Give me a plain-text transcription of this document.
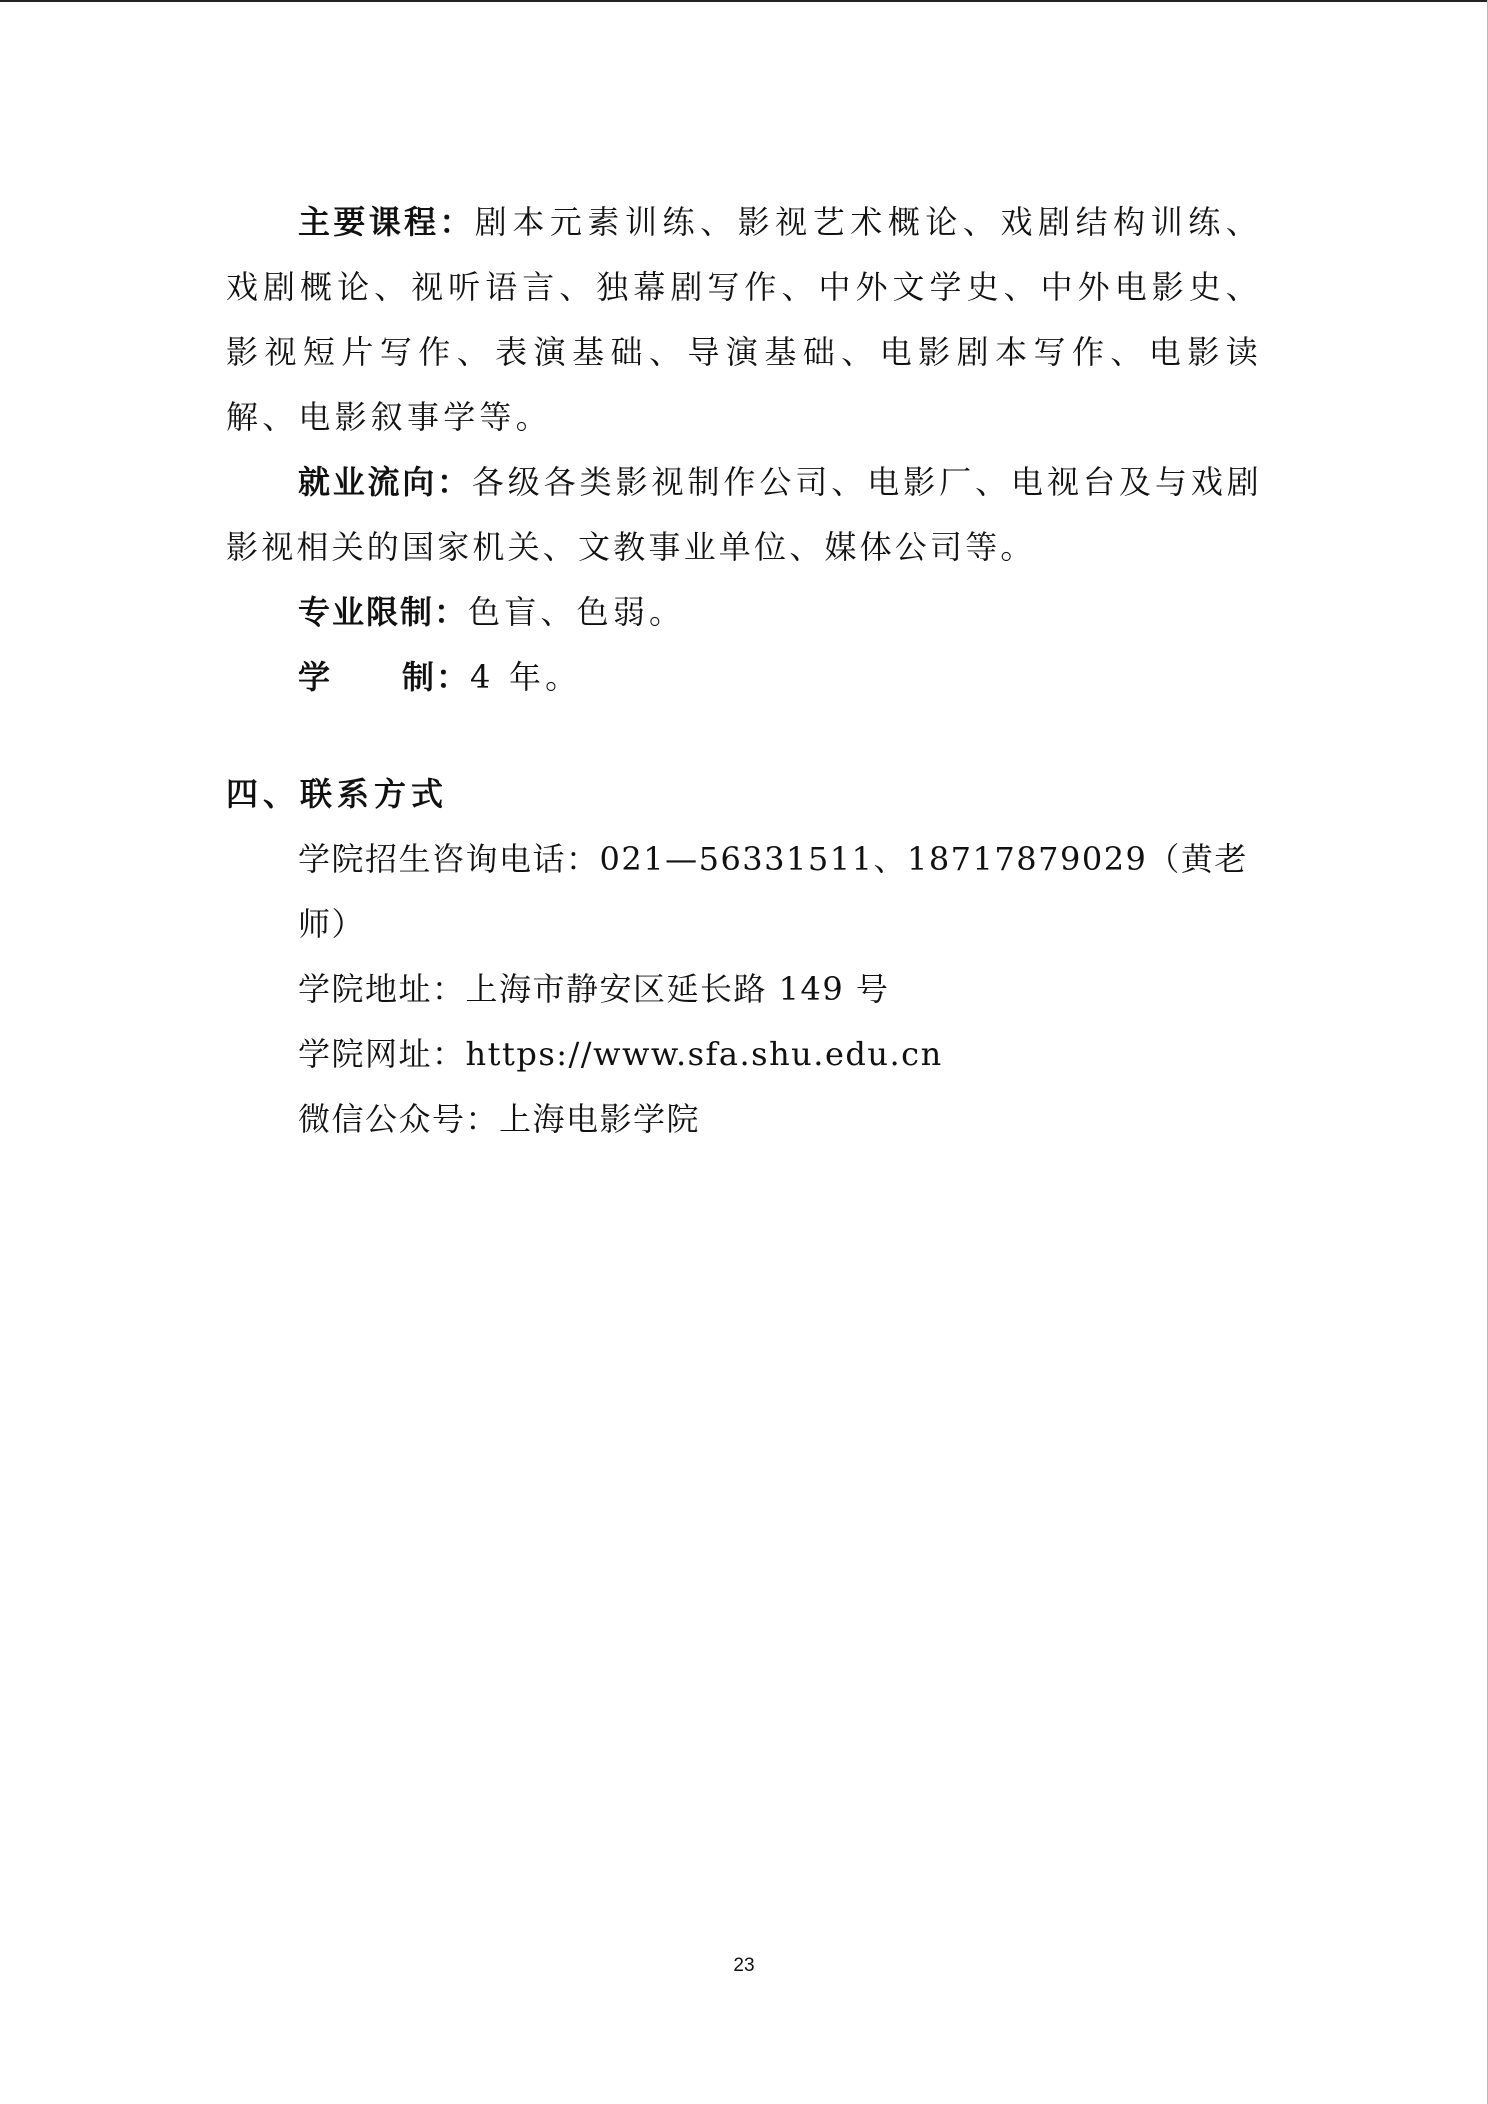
主要课程：剧本元素训练、影视艺术概论、戏剧结构训练、戏剧概论、视听语言、独幕剧写作、中外文学史、中外电影史、影视短片写作、表演基础、导演基础、电影剧本写作、电影读解、电影叙事学等。

就业流向：各级各类影视制作公司、电影厂、电视台及与戏剧影视相关的国家机关、文教事业单位、媒体公司等。

专业限制：色盲、色弱。

学 制：4 年。

四、联系方式

学院招生咨询电话：021—56331511、18717879029（黄老师）

学院地址：上海市静安区延长路 149 号

学院网址：https://www.sfa.shu.edu.cn

微信公众号：上海电影学院

23
